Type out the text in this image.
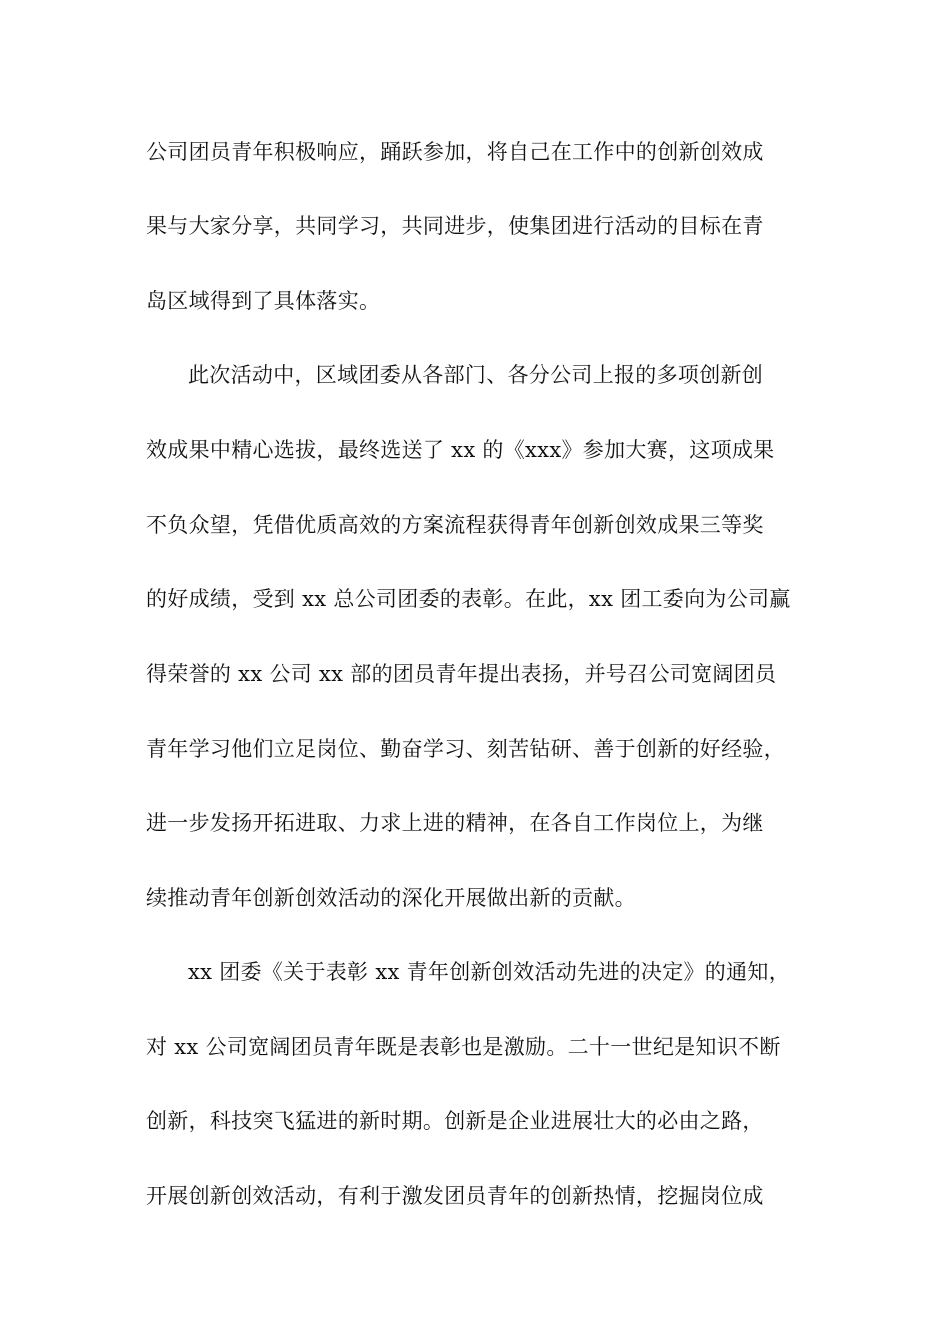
公司团员青年积极响应，踊跃参加，将自己在工作中的创新创效成
果与大家分享，共同学习，共同进步，使集团进行活动的目标在青
岛区域得到了具体落实。
此次活动中，区域团委从各部门、各分公司上报的多项创新创
效成果中精心选拔，最终选送了 xx 的《xxx》参加大赛，这项成果
不负众望，凭借优质高效的方案流程获得青年创新创效成果三等奖
的好成绩，受到 xx 总公司团委的表彰。在此，xx 团工委向为公司赢
得荣誉的 xx 公司 xx 部的团员青年提出表扬，并号召公司宽阔团员
青年学习他们立足岗位、勤奋学习、刻苦钻研、善于创新的好经验，
进一步发扬开拓进取、力求上进的精神，在各自工作岗位上，为继
续推动青年创新创效活动的深化开展做出新的贡献。
xx 团委《关于表彰 xx 青年创新创效活动先进的决定》的通知，
对 xx 公司宽阔团员青年既是表彰也是激励。二十一世纪是知识不断
创新，科技突飞猛进的新时期。创新是企业进展壮大的必由之路，
开展创新创效活动，有利于激发团员青年的创新热情，挖掘岗位成
